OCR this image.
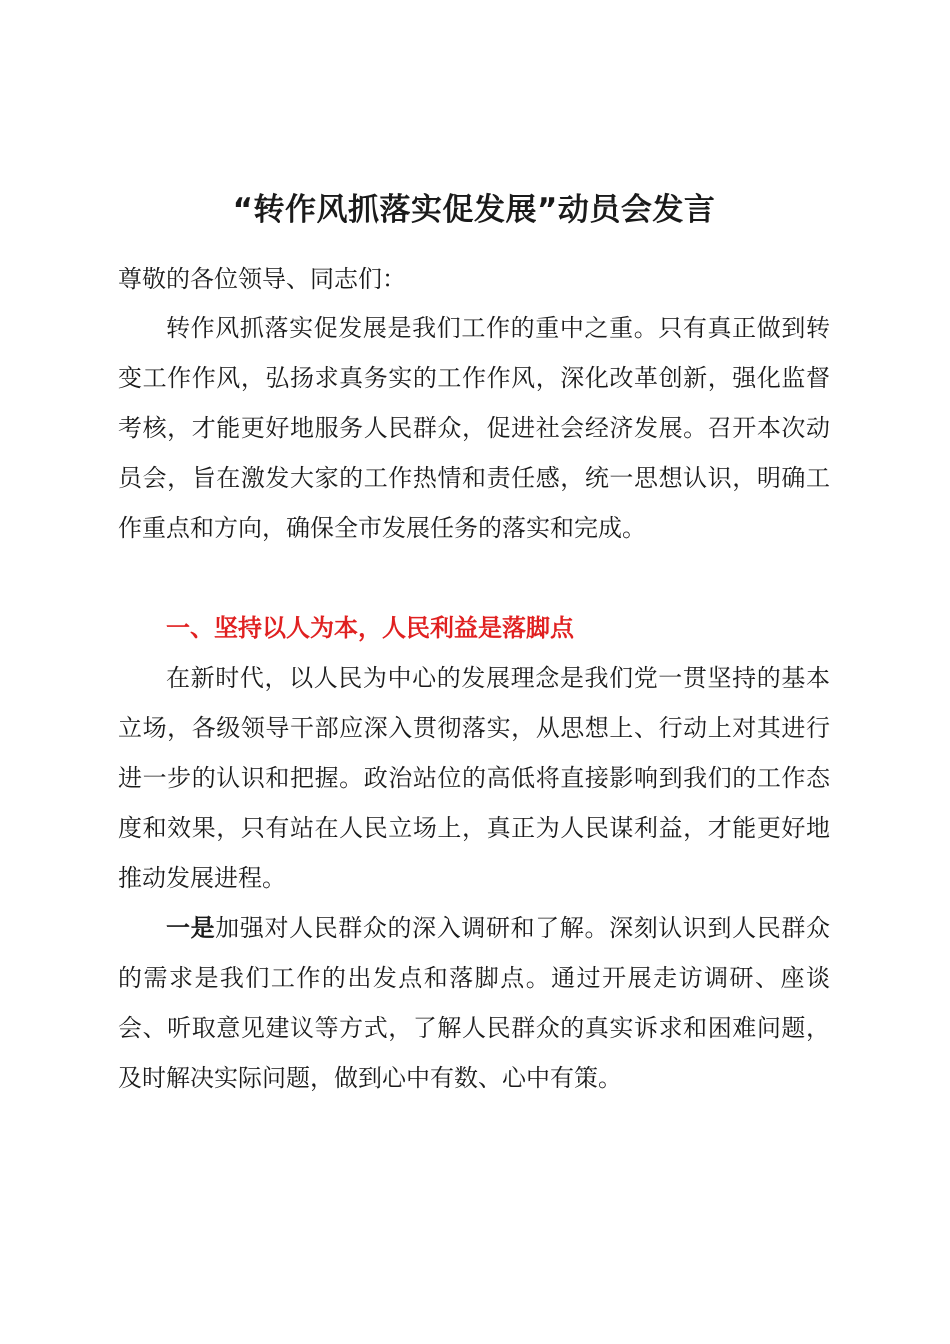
“转作风抓落实促发展”动员会发言
尊敬的各位领导、同志们：

转作风抓落实促发展是我们工作的重中之重。只有真正做到转变工作作风，弘扬求真务实的工作作风，深化改革创新，强化监督考核，才能更好地服务人民群众，促进社会经济发展。召开本次动员会，旨在激发大家的工作热情和责任感，统一思想认识，明确工作重点和方向，确保全市发展任务的落实和完成。

一、坚持以人为本，人民利益是落脚点

在新时代，以人民为中心的发展理念是我们党一贯坚持的基本立场，各级领导干部应深入贯彻落实，从思想上、行动上对其进行进一步的认识和把握。政治站位的高低将直接影响到我们的工作态度和效果，只有站在人民立场上，真正为人民谋利益，才能更好地推动发展进程。

一是加强对人民群众的深入调研和了解。深刻认识到人民群众的需求是我们工作的出发点和落脚点。通过开展走访调研、座谈会、听取意见建议等方式，了解人民群众的真实诉求和困难问题，及时解决实际问题，做到心中有数、心中有策。
